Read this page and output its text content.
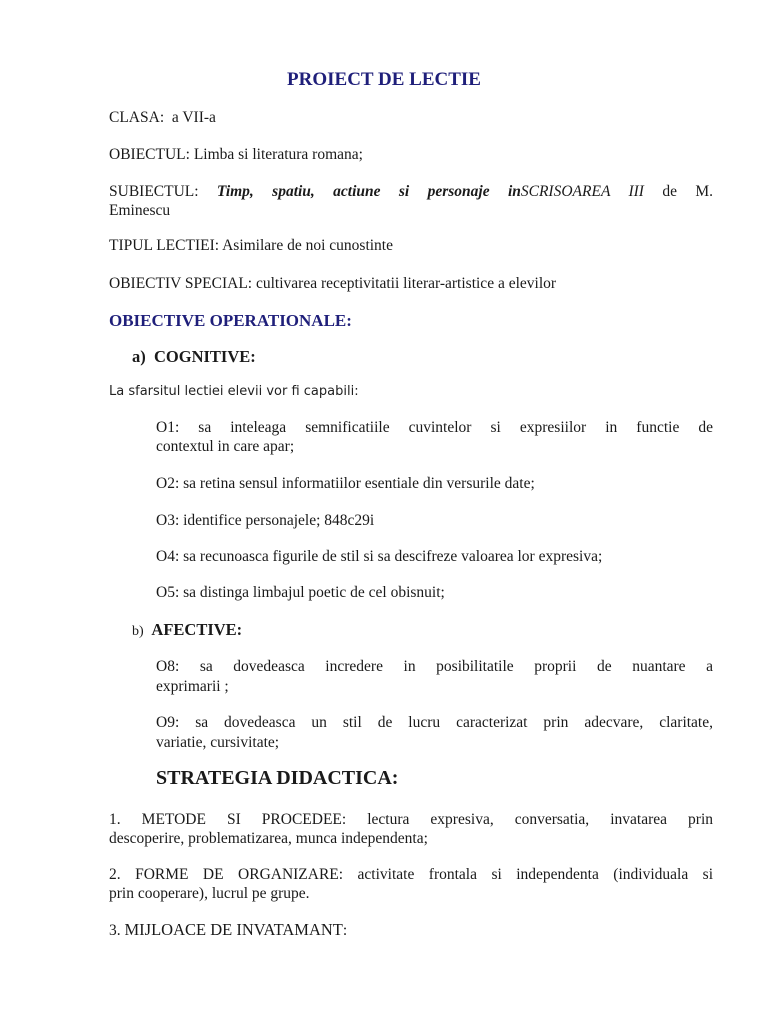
PROIECT DE LECTIE
CLASA: a VII-a
OBIECTUL: Limba si literatura romana;
SUBIECTUL: Timp, spatiu, actiune si personaje inSCRISOAREA III de M.
Eminescu
TIPUL LECTIEI: Asimilare de noi cunostinte
OBIECTIV SPECIAL: cultivarea receptivitatii literar-artistice a elevilor
OBIECTIVE OPERATIONALE:
a) COGNITIVE:
La sfarsitul lectiei elevii vor fi capabili:
O1: sa inteleaga semnificatiile cuvintelor si expresiilor in functie de
contextul in care apar;
O2: sa retina sensul informatiilor esentiale din versurile date;
O3: identifice personajele; 848c29i
O4: sa recunoasca figurile de stil si sa descifreze valoarea lor expresiva;
O5: sa distinga limbajul poetic de cel obisnuit;
b) AFECTIVE:
O8: sa dovedeasca incredere in posibilitatile proprii de nuantare a
exprimarii ;
O9: sa dovedeasca un stil de lucru caracterizat prin adecvare, claritate,
variatie, cursivitate;
STRATEGIA DIDACTICA:
1. METODE SI PROCEDEE: lectura expresiva, conversatia, invatarea prin
descoperire, problematizarea, munca independenta;
2. FORME DE ORGANIZARE: activitate frontala si independenta (individuala si
prin cooperare), lucrul pe grupe.
3. MIJLOACE DE INVATAMANT:
